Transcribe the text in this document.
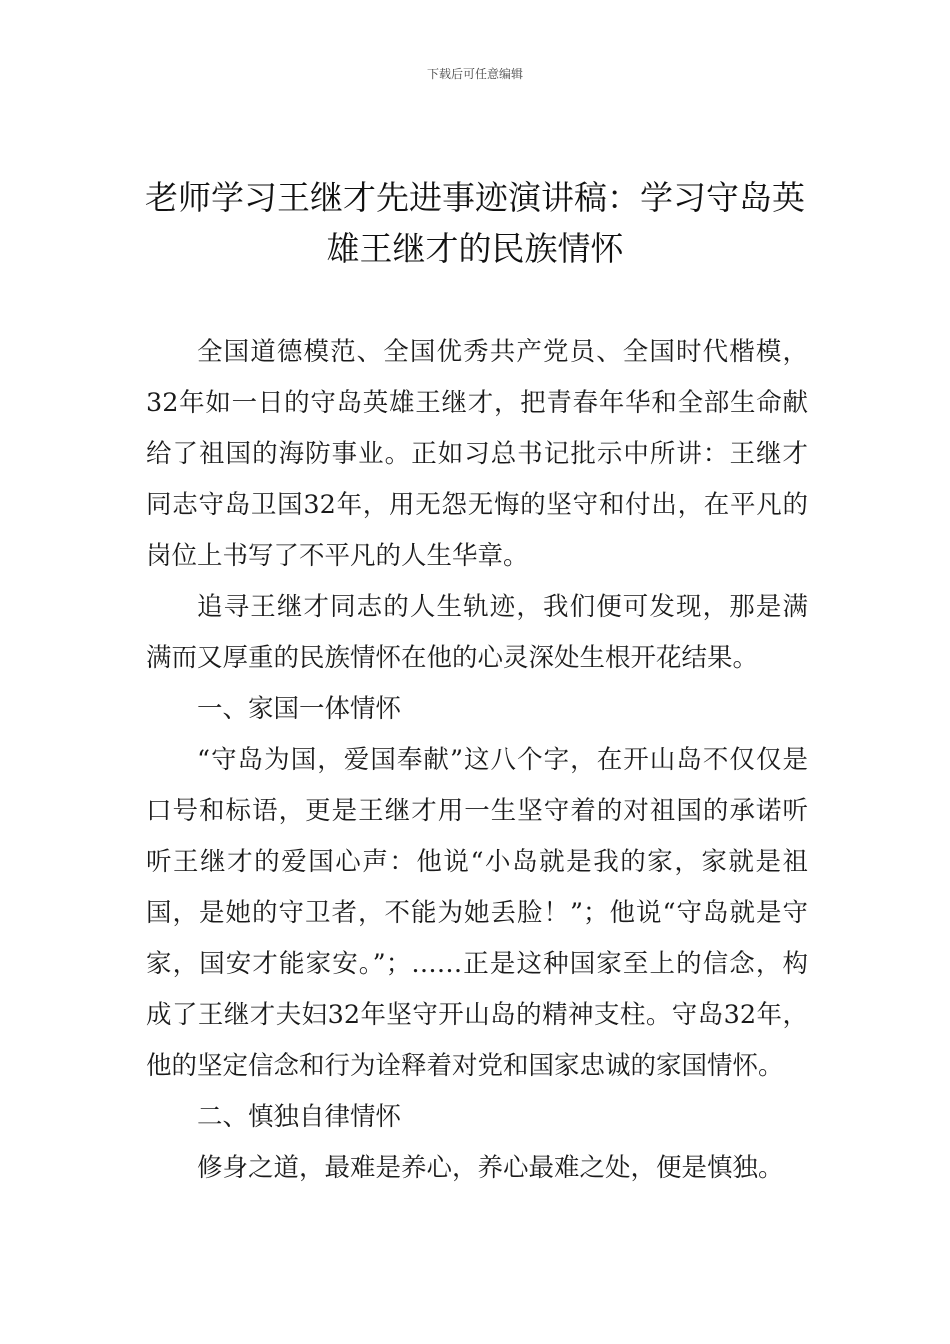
下载后可任意编辑
老师学习王继才先进事迹演讲稿：学习守岛英雄王继才的民族情怀

全国道德模范、全国优秀共产党员、全国时代楷模，32年如一日的守岛英雄王继才，把青春年华和全部生命献给了祖国的海防事业。正如习总书记批示中所讲：王继才同志守岛卫国32年，用无怨无悔的坚守和付出，在平凡的岗位上书写了不平凡的人生华章。

追寻王继才同志的人生轨迹，我们便可发现，那是满满而又厚重的民族情怀在他的心灵深处生根开花结果。

一、家国一体情怀

“守岛为国，爱国奉献”这八个字，在开山岛不仅仅是口号和标语，更是王继才用一生坚守着的对祖国的承诺听听王继才的爱国心声：他说“小岛就是我的家，家就是祖国，是她的守卫者，不能为她丢脸！”；他说“守岛就是守家，国安才能家安。”；……正是这种国家至上的信念，构成了王继才夫妇32年坚守开山岛的精神支柱。守岛32年，他的坚定信念和行为诠释着对党和国家忠诚的家国情怀。

二、慎独自律情怀

修身之道，最难是养心，养心最难之处，便是慎独。
